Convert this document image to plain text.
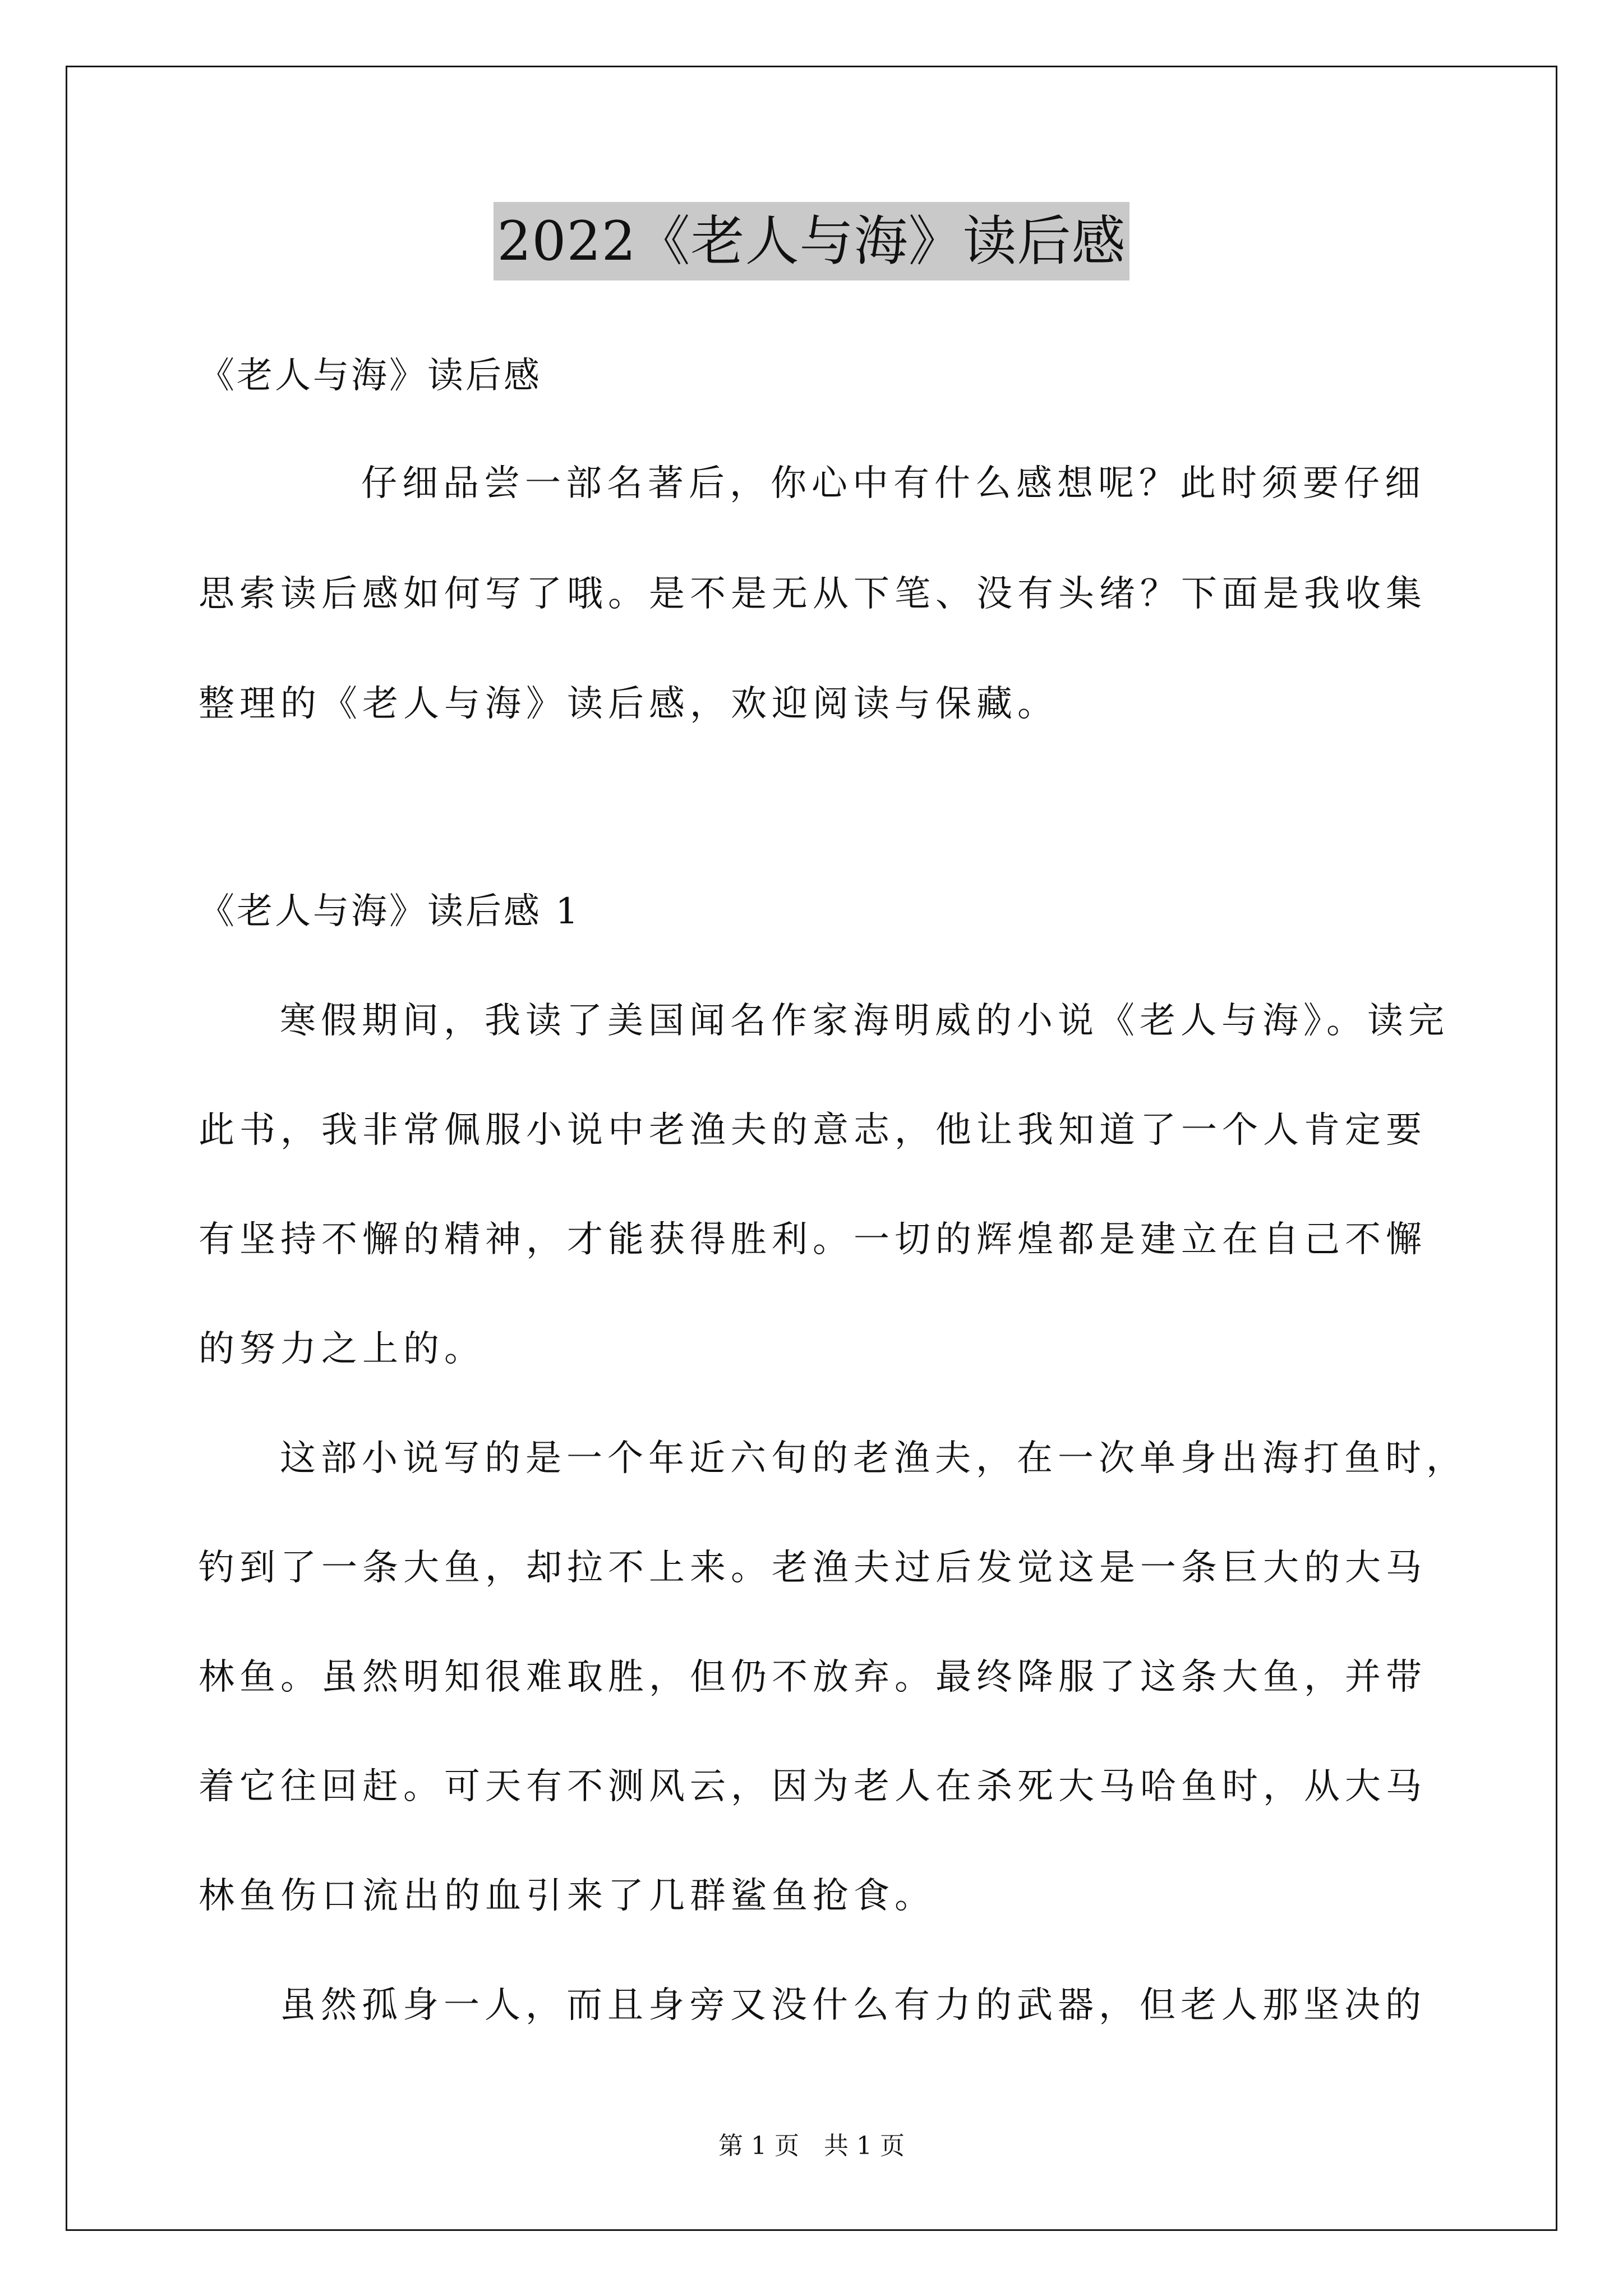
2022《老人与海》读后感
《老人与海》读后感
仔细品尝一部名著后，你心中有什么感想呢？此时须要仔细
思索读后感如何写了哦。是不是无从下笔、没有头绪？下面是我收集
整理的《老人与海》读后感，欢迎阅读与保藏。
《老人与海》读后感 1
寒假期间，我读了美国闻名作家海明威的小说《老人与海》。读完
此书，我非常佩服小说中老渔夫的意志，他让我知道了一个人肯定要
有坚持不懈的精神，才能获得胜利。一切的辉煌都是建立在自己不懈
的努力之上的。
这部小说写的是一个年近六旬的老渔夫，在一次单身出海打鱼时，
钓到了一条大鱼，却拉不上来。老渔夫过后发觉这是一条巨大的大马
林鱼。虽然明知很难取胜，但仍不放弃。最终降服了这条大鱼，并带
着它往回赶。可天有不测风云，因为老人在杀死大马哈鱼时，从大马
林鱼伤口流出的血引来了几群鲨鱼抢食。
虽然孤身一人，而且身旁又没什么有力的武器，但老人那坚决的
第 1 页　共 1 页
